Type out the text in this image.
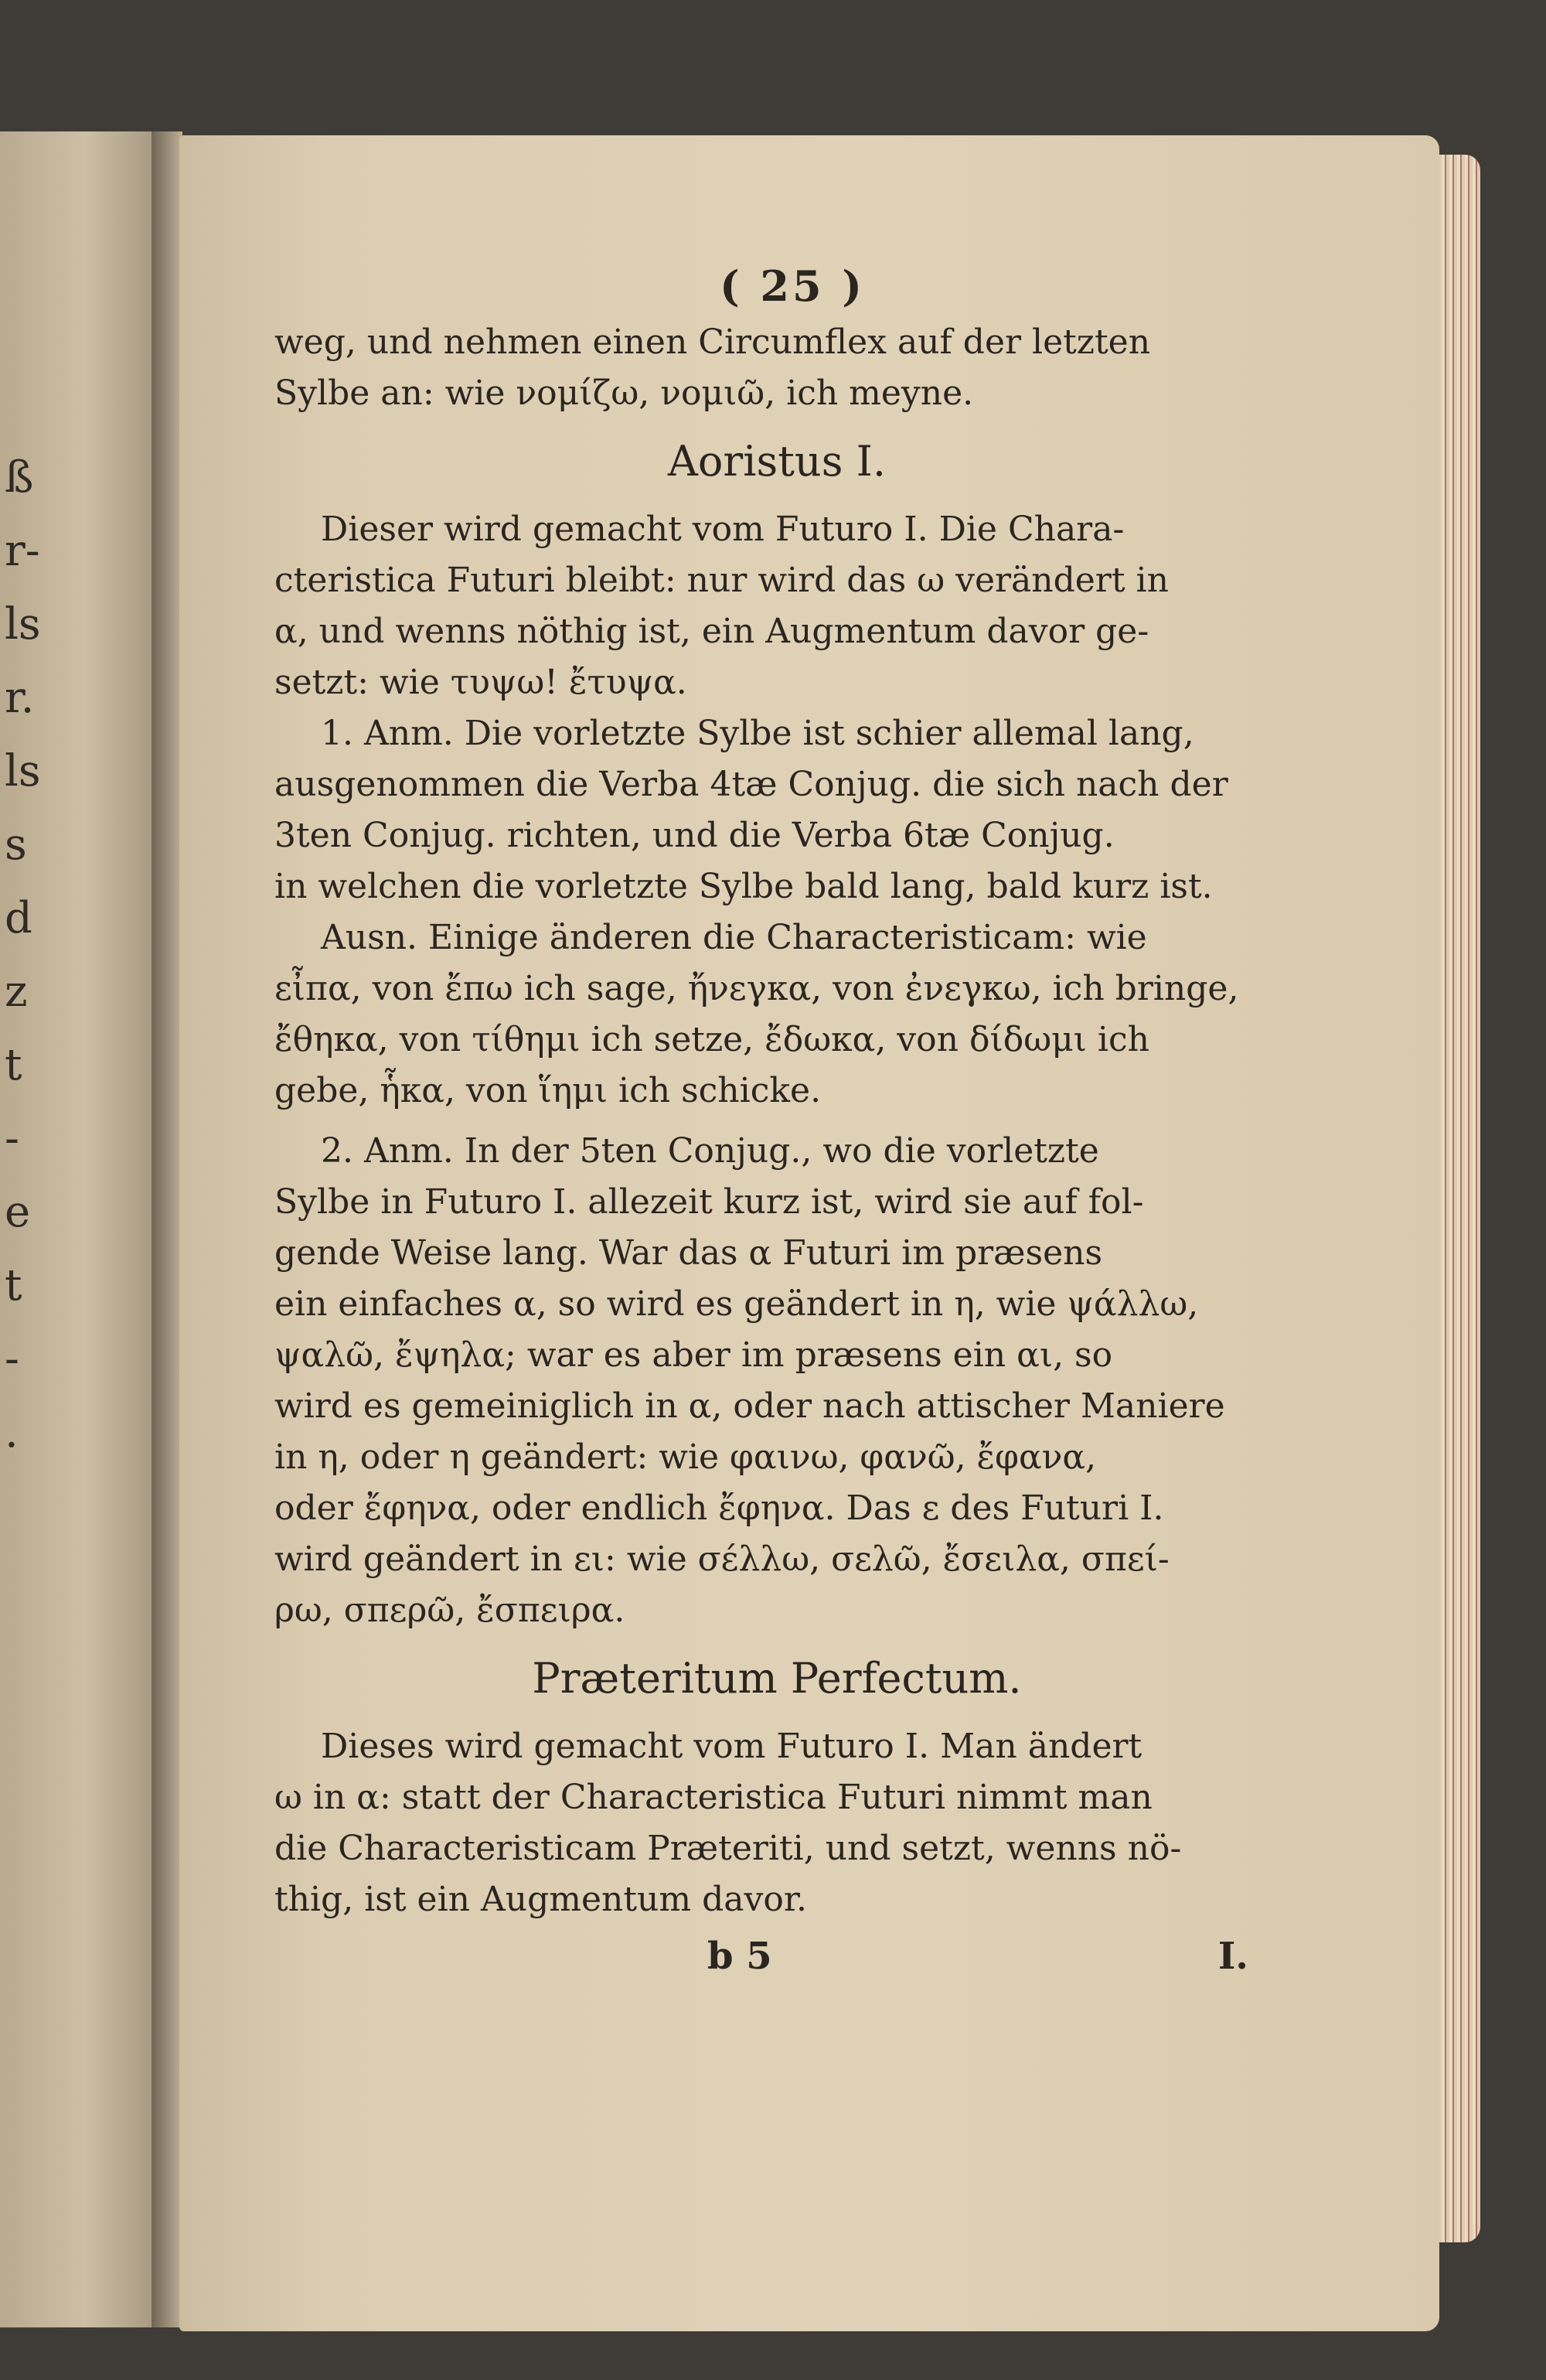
ß
r-
ls
r.
ls
s
d
z
t
-
e
t
-
.
( 25 )
weg, und nehmen einen Circumflex auf der letzten
Sylbe an: wie νομίζω, νομιῶ, ich meyne.
Aoristus I.
Dieser wird gemacht vom Futuro I. Die Chara-
cteristica Futuri bleibt: nur wird das ω verändert in
α, und wenns nöthig ist, ein Augmentum davor ge-
setzt: wie τυψω! ἔτυψα.
1. Anm. Die vorletzte Sylbe ist schier allemal lang,
ausgenommen die Verba 4tæ Conjug. die sich nach der
3ten Conjug. richten, und die Verba 6tæ Conjug.
in welchen die vorletzte Sylbe bald lang, bald kurz ist.
Ausn. Einige änderen die Characteristicam: wie
εἶπα, von ἔπω ich sage, ἤνεγκα, von ἐνεγκω, ich bringe,
ἔθηκα, von τίθημι ich setze, ἔδωκα, von δίδωμι ich
gebe, ἧκα, von ἵημι ich schicke.
2. Anm. In der 5ten Conjug., wo die vorletzte
Sylbe in Futuro I. allezeit kurz ist, wird sie auf fol-
gende Weise lang. War das α Futuri im præsens
ein einfaches α, so wird es geändert in η, wie ψάλλω,
ψαλῶ, ἔψηλα; war es aber im præsens ein αι, so
wird es gemeiniglich in α, oder nach attischer Maniere
in η, oder η geändert: wie φαινω, φανῶ, ἔφανα,
oder ἔφηνα, oder endlich ἔφηνα. Das ε des Futuri I.
wird geändert in ει: wie σέλλω, σελῶ, ἔσειλα, σπεί-
ρω, σπερῶ, ἔσπειρα.
Præteritum Perfectum.
Dieses wird gemacht vom Futuro I. Man ändert
ω in α: statt der Characteristica Futuri nimmt man
die Characteristicam Præteriti, und setzt, wenns nö-
thig, ist ein Augmentum davor.
b 5	I.
